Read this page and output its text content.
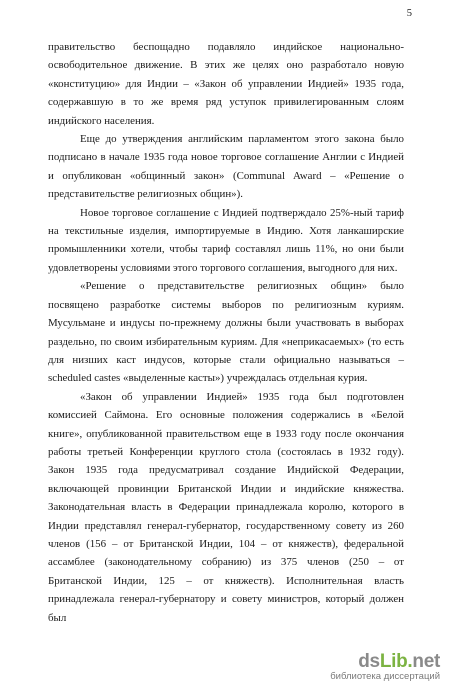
5

правительство беспощадно подавляло индийское национально-освободительное движение. В этих же целях оно разработало новую «конституцию» для Индии – «Закон об управлении Индией» 1935 года, содержавшую в то же время ряд уступок привилегированным слоям индийского населения.

Еще до утверждения английским парламентом этого закона было подписано в начале 1935 года новое торговое соглашение Англии с Индией и опубликован «общинный закон» (Communal Award – «Решение о представительстве религиозных общин»).

Новое торговое соглашение с Индией подтверждало 25%-ный тариф на текстильные изделия, импортируемые в Индию. Хотя ланкаширские промышленники хотели, чтобы тариф составлял лишь 11%, но они были удовлетворены условиями этого торгового соглашения, выгодного для них.

«Решение о представительстве религиозных общин» было посвящено разработке системы выборов по религиозным куриям. Мусульмане и индусы по-прежнему должны были участвовать в выборах раздельно, по своим избирательным куриям. Для «неприкасаемых» (то есть для низших каст индусов, которые стали официально называться – scheduled castes «выделенные касты») учреждалась отдельная курия.

«Закон об управлении Индией» 1935 года был подготовлен комиссией Саймона. Его основные положения содержались в «Белой книге», опубликованной правительством еще в 1933 году после окончания работы третьей Конференции круглого стола (состоялась в 1932 году). Закон 1935 года предусматривал создание Индийской Федерации, включающей провинции Британской Индии и индийские княжества. Законодательная власть в Федерации принадлежала королю, которого в Индии представлял генерал-губернатор, государственному совету из 260 членов (156 – от Британской Индии, 104 – от княжеств), федеральной ассамблее (законодательному собранию) из 375 членов (250 – от Британской Индии, 125 – от княжеств). Исполнительная власть принадлежала генерал-губернатору и совету министров, который должен был

ds Lib . net
библиотека диссертаций
